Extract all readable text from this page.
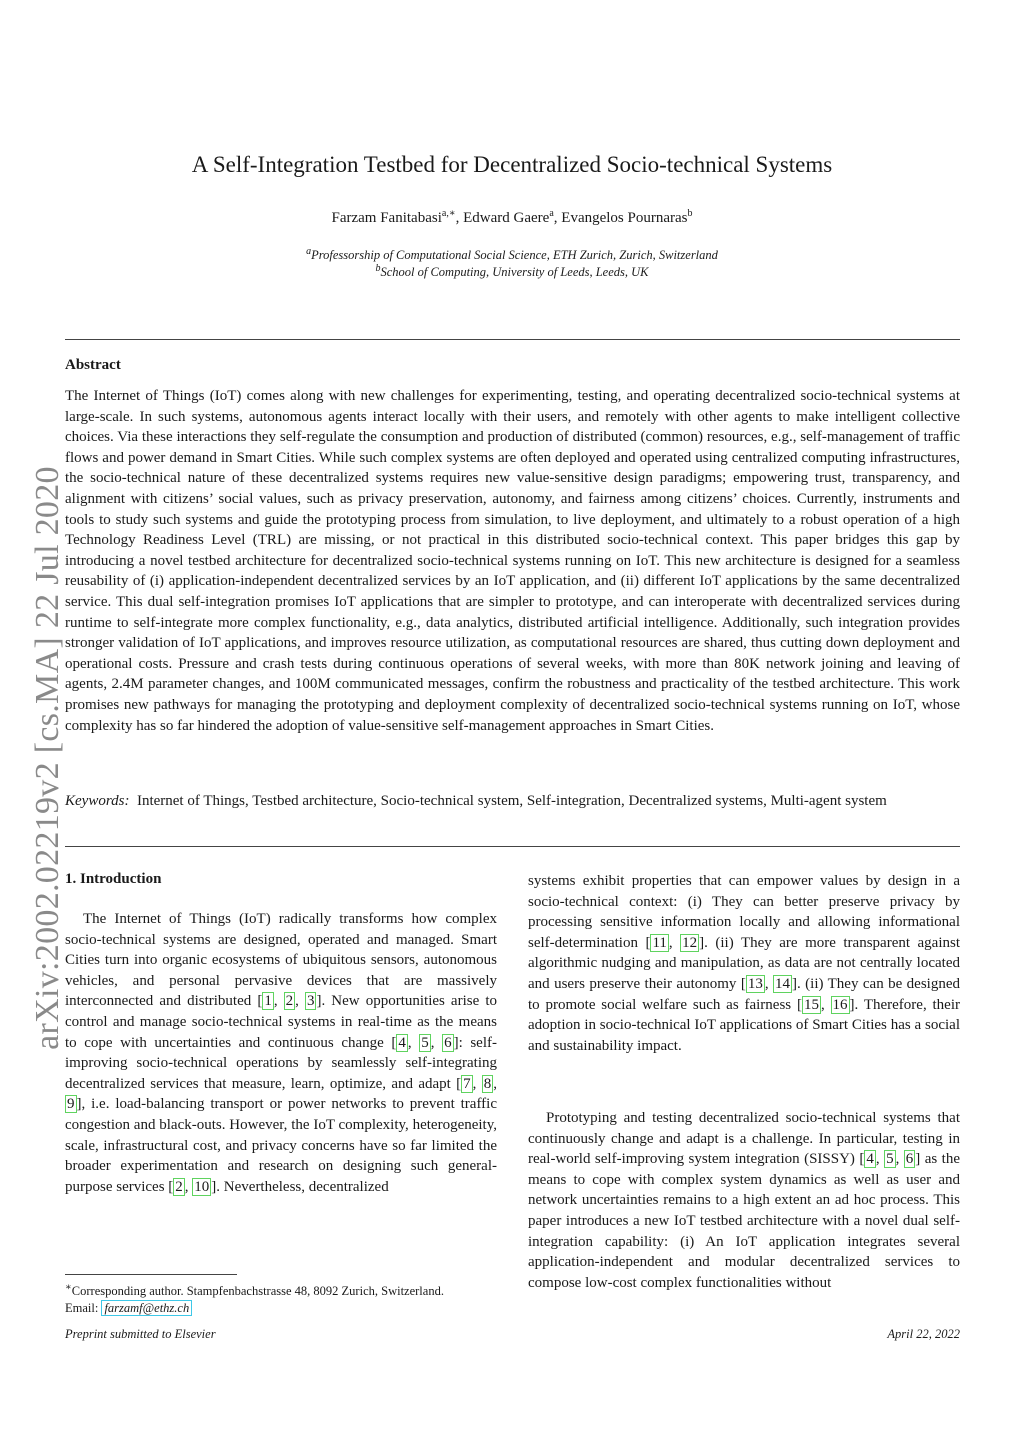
arXiv:2002.02219v2 [cs.MA] 22 Jul 2020
A Self-Integration Testbed for Decentralized Socio-technical Systems
Farzam Fanitabasi$^{a,∗}$, Edward Gaere$^a$, Evangelos Pournaras$^b$
$^a$Professorship of Computational Social Science, ETH Zurich, Zurich, Switzerland
$^b$School of Computing, University of Leeds, Leeds, UK
Abstract
The Internet of Things (IoT) comes along with new challenges for experimenting, testing, and operating decentralized socio-technical systems at large-scale. In such systems, autonomous agents interact locally with their users, and remotely with other agents to make intelligent collective choices. Via these interactions they self-regulate the consumption and production of distributed (common) resources, e.g., self-management of traffic flows and power demand in Smart Cities. While such complex systems are often deployed and operated using centralized computing infrastructures, the socio-technical nature of these decentralized systems requires new value-sensitive design paradigms; empowering trust, transparency, and alignment with citizens’ social values, such as privacy preservation, autonomy, and fairness among citizens’ choices. Currently, instruments and tools to study such systems and guide the prototyping process from simulation, to live deployment, and ultimately to a robust operation of a high Technology Readiness Level (TRL) are missing, or not practical in this distributed socio-technical context. This paper bridges this gap by introducing a novel testbed architecture for decentralized socio-technical systems running on IoT. This new architecture is designed for a seamless reusability of (i) application-independent decentralized services by an IoT application, and (ii) different IoT applications by the same decentralized service. This dual self-integration promises IoT applications that are simpler to prototype, and can interoperate with decentralized services during runtime to self-integrate more complex functionality, e.g., data analytics, distributed artificial intelligence. Additionally, such integration provides stronger validation of IoT applications, and improves resource utilization, as computational resources are shared, thus cutting down deployment and operational costs. Pressure and crash tests during continuous operations of several weeks, with more than 80K network joining and leaving of agents, 2.4M parameter changes, and 100M communicated messages, confirm the robustness and practicality of the testbed architecture. This work promises new pathways for managing the prototyping and deployment complexity of decentralized socio-technical systems running on IoT, whose complexity has so far hindered the adoption of value-sensitive self-management approaches in Smart Cities.
Keywords: Internet of Things, Testbed architecture, Socio-technical system, Self-integration, Decentralized systems, Multi-agent system
1. Introduction

The Internet of Things (IoT) radically transforms how complex socio-technical systems are designed, operated and managed. Smart Cities turn into organic ecosystems of ubiquitous sensors, autonomous vehicles, and personal pervasive devices that are massively interconnected and distributed [ 1 , 2 , 3 ]. New opportunities arise to control and manage socio-technical systems in real-time as the means to cope with uncertainties and continuous change [ 4 , 5 , 6 ]: self-improving socio-technical operations by seamlessly self-integrating decentralized services that measure, learn, optimize, and adapt [ 7 , 8 , 9 ], i.e. load-balancing transport or power networks to prevent traffic congestion and black-outs. However, the IoT complexity, heterogeneity, scale, infrastructural cost, and privacy concerns have so far limited the broader experimentation and research on designing such general-purpose services [ 2 , 10 ]. Nevertheless, decentralized

systems exhibit properties that can empower values by design in a socio-technical context: (i) They can better preserve privacy by processing sensitive information locally and allowing informational self-determination [ 11 , 12 ]. (ii) They are more transparent against algorithmic nudging and manipulation, as data are not centrally located and users preserve their autonomy [ 13 , 14 ]. (ii) They can be designed to promote social welfare such as fairness [ 15 , 16 ]. Therefore, their adoption in socio-technical IoT applications of Smart Cities has a social and sustainability impact.

Prototyping and testing decentralized socio-technical systems that continuously change and adapt is a challenge. In particular, testing in real-world self-improving system integration (SISSY) [ 4 , 5 , 6 ] as the means to cope with complex system dynamics as well as user and network uncertainties remains to a high extent an ad hoc process. This paper introduces a new IoT testbed architecture with a novel dual self-integration capability: (i) An IoT application integrates several application-independent and modular decentralized services to compose low-cost complex functionalities without

∗Corresponding author. Stampfenbachstrasse 48, 8092 Zurich, Switzerland.
Email: farzamf@ethz.ch
Preprint submitted to Elsevier	April 22, 2022
